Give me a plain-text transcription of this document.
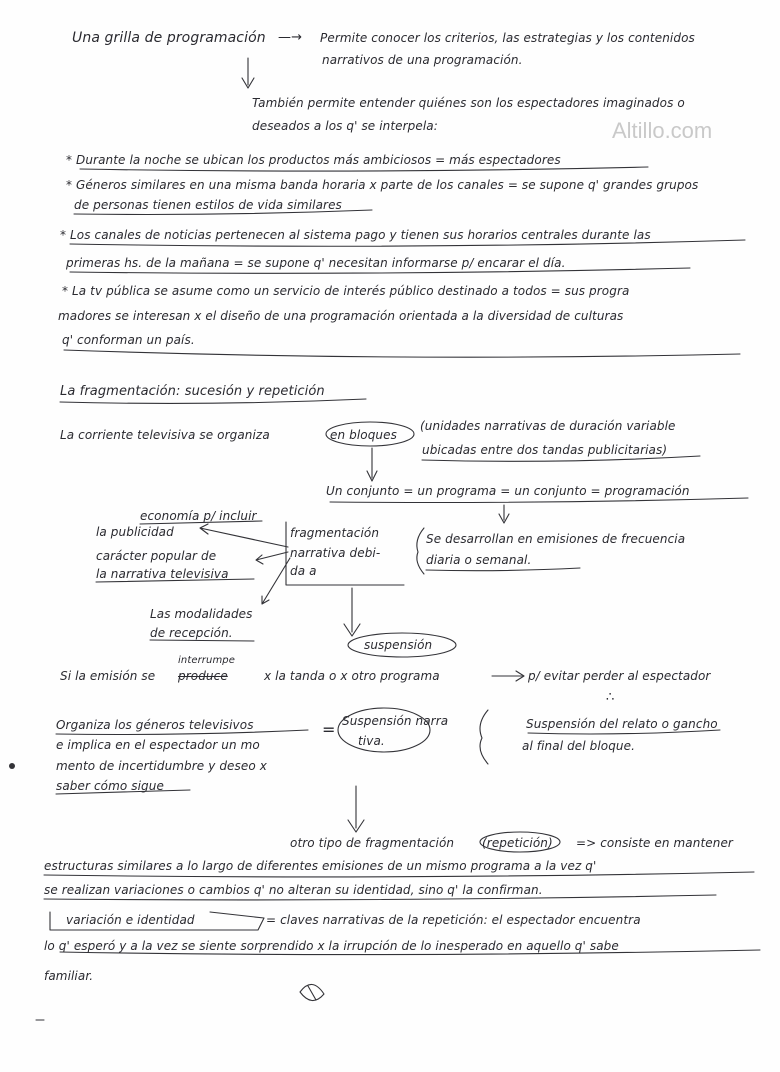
Altillo.com
Una grilla de programación —→ Permite conocer los criterios, las estrategias y los contenidos
narrativos de una programación.
También permite entender quiénes son los espectadores imaginados o
deseados a los q' se interpela:
* Durante la noche se ubican los productos más ambiciosos = más espectadores
* Géneros similares en una misma banda horaria x parte de los canales = se supone q' grandes grupos
de personas tienen estilos de vida similares
* Los canales de noticias pertenecen al sistema pago y tienen sus horarios centrales durante las
primeras hs. de la mañana = se supone q' necesitan informarse p/ encarar el día.
* La tv pública se asume como un servicio de interés público destinado a todos = sus progra
madores se interesan x el diseño de una programación orientada a la diversidad de culturas
q' conforman un país.
La fragmentación: sucesión y repetición
La corriente televisiva se organiza	en bloques
(unidades narrativas de duración variable
ubicadas entre dos tandas publicitarias)
Un conjunto = un programa = un conjunto = programación
economía p/ incluir
la publicidad
carácter popular de
la narrativa televisiva
Las modalidades
de recepción.
fragmentación
narrativa debi-
da a
Se desarrollan en emisiones de frecuencia
diaria o semanal.
suspensión
interrumpe
Si la emisión se produce	x la tanda o x otro programa	p/ evitar perder al espectador
∴
Organiza los géneros televisivos
e implica en el espectador un mo
mento de incertidumbre y deseo x
saber cómo sigue
= Suspensión narra
tiva.
Suspensión del relato o gancho
al final del bloque.
otro tipo de fragmentación (repetición) => consiste en mantener
estructuras similares a lo largo de diferentes emisiones de un mismo programa a la vez q'
se realizan variaciones o cambios q' no alteran su identidad, sino q' la confirman.
variación e identidad	= claves narrativas de la repetición: el espectador encuentra
lo q' esperó y a la vez se siente sorprendido x la irrupción de lo inesperado en aquello q' sabe
familiar.
